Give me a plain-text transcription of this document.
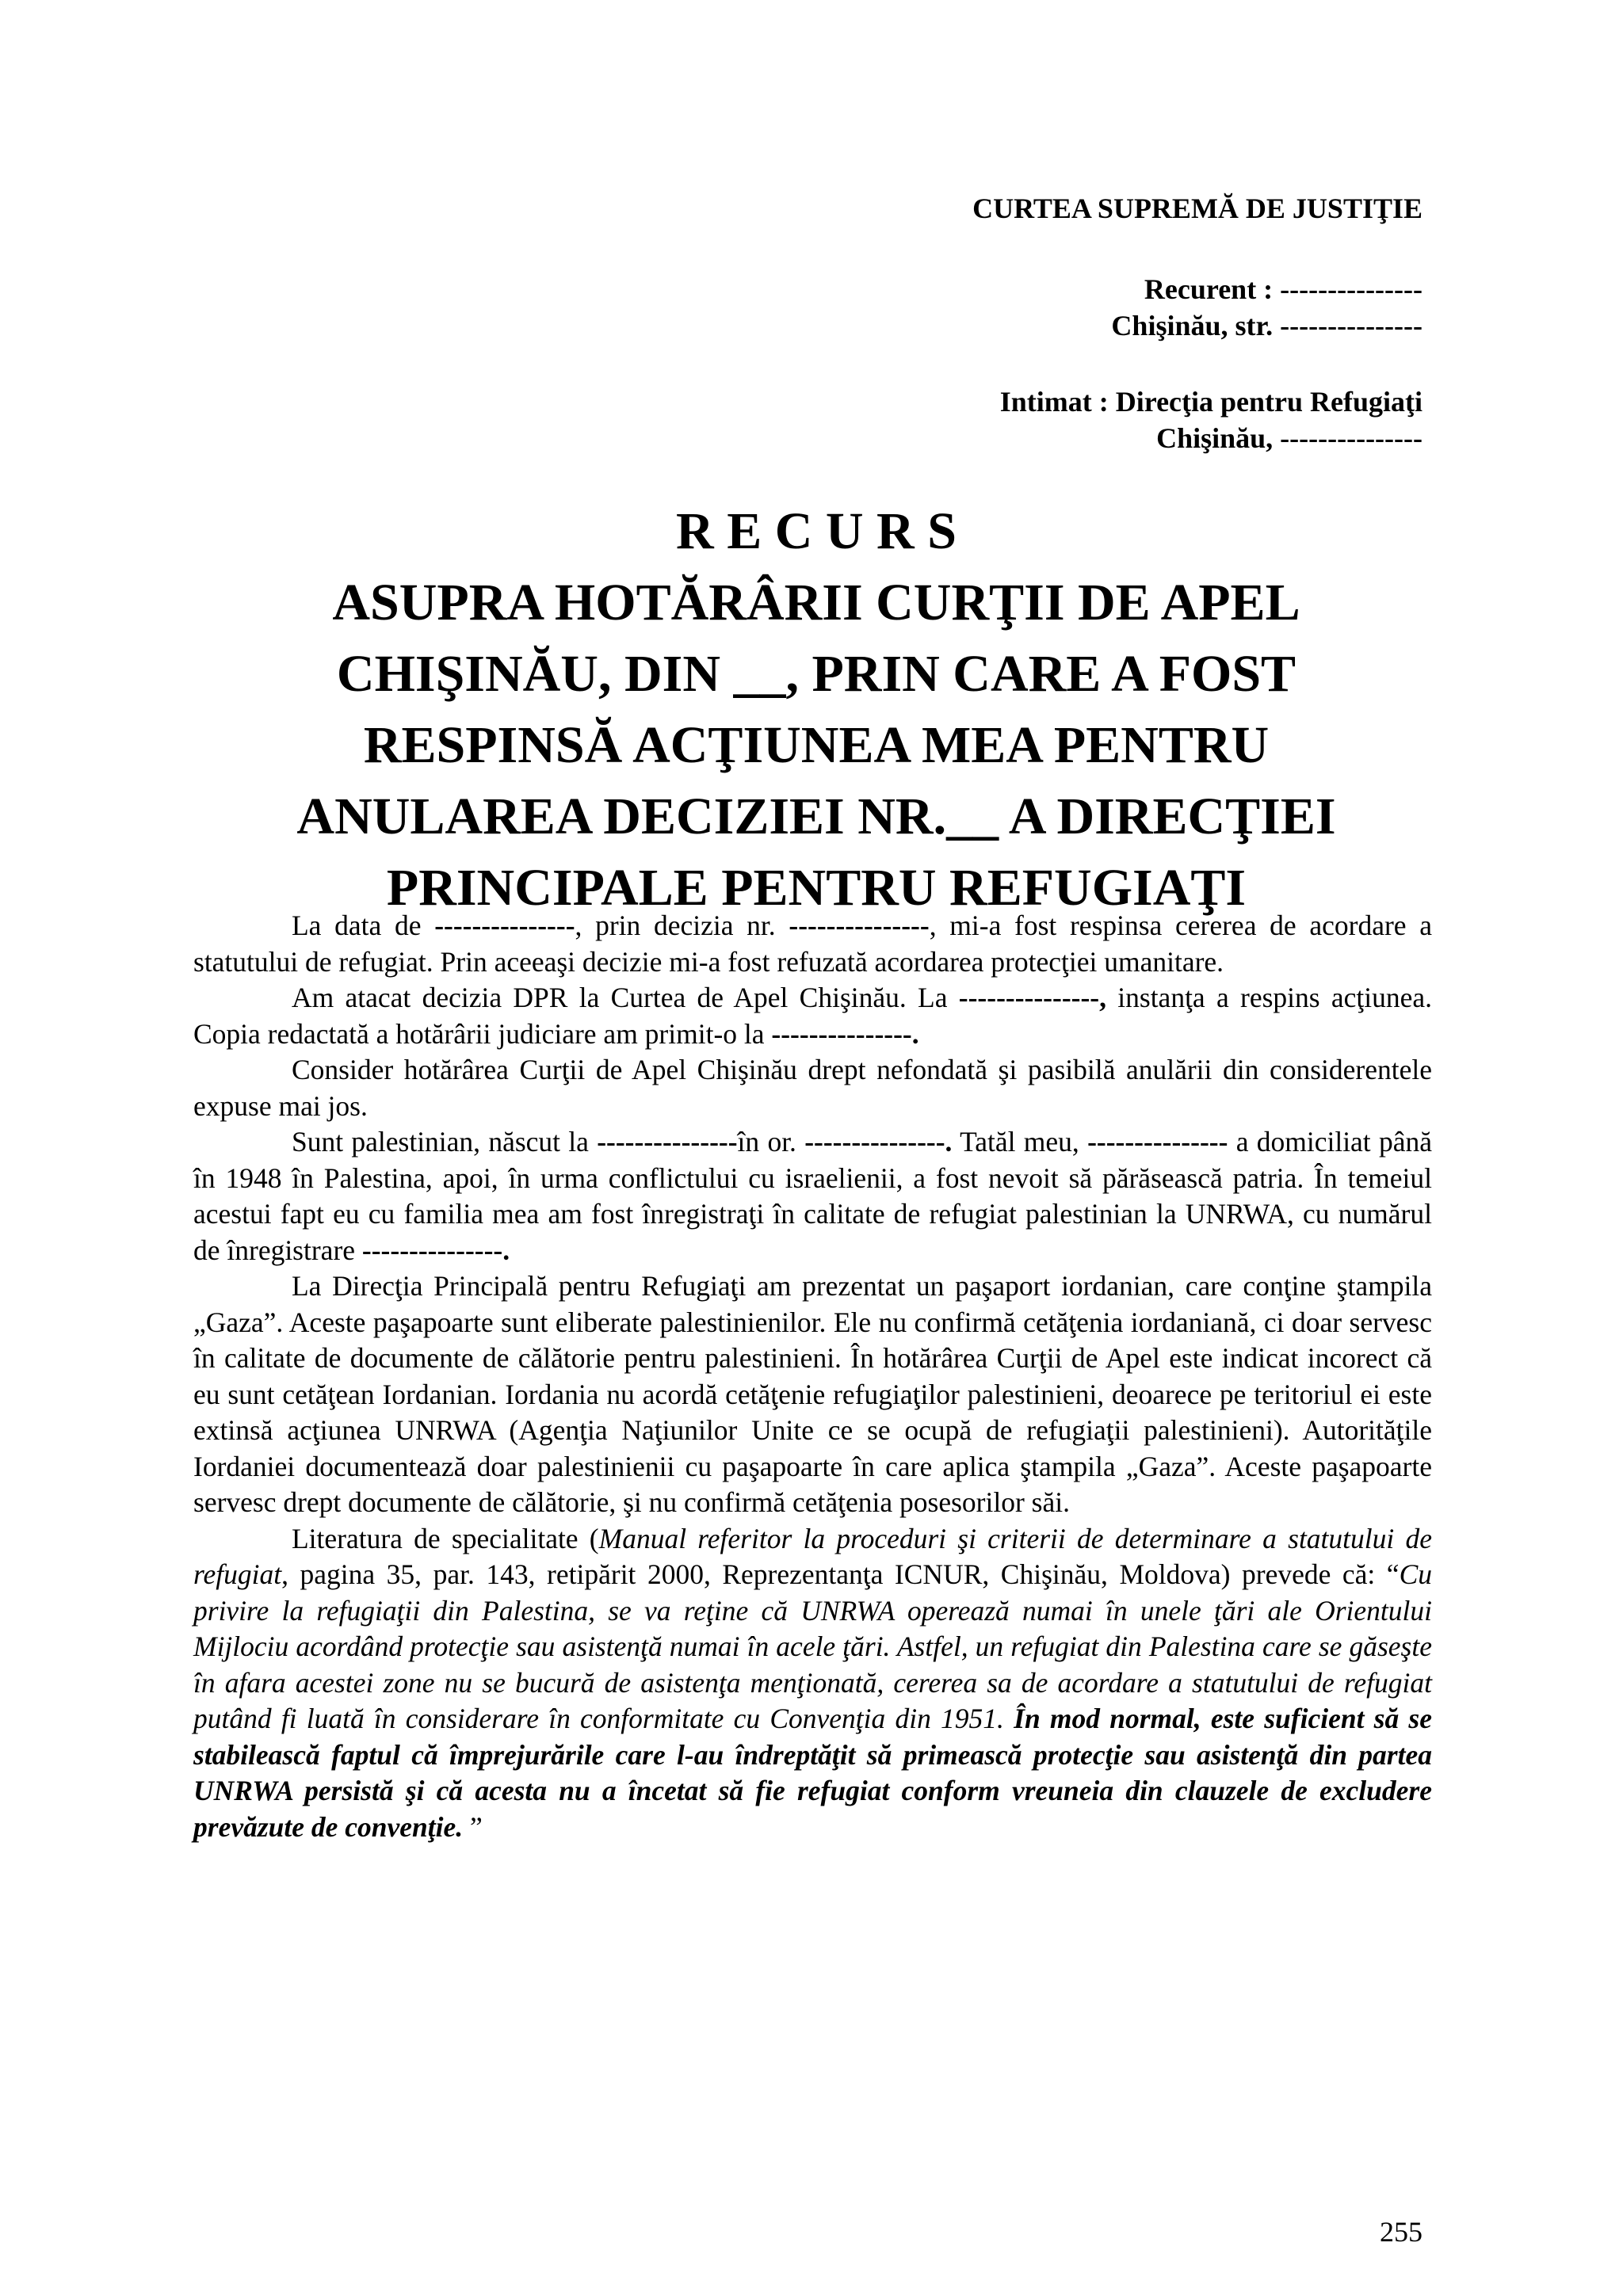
CURTEA SUPREMĂ DE JUSTIŢIE
Recurent : ---------------
Chişinău, str. ---------------
Intimat : Direcţia pentru Refugiaţi
Chişinău, ---------------
R E C U R S
ASUPRA HOTĂRÂRII CURŢII DE APEL
CHIŞINĂU, DIN __, PRIN CARE A FOST
RESPINSĂ ACŢIUNEA MEA PENTRU
ANULAREA DECIZIEI NR.__ A DIRECŢIEI
PRINCIPALE PENTRU REFUGIAŢI

La data de ---------------, prin decizia nr. ---------------, mi-a fost respinsa cererea de acordare a statutului de refugiat. Prin aceeaşi decizie mi-a fost refuzată acordarea protecţiei umanitare.

Am atacat decizia DPR la Curtea de Apel Chişinău. La ---------------, instanţa a respins acţiunea. Copia redactată a hotărârii judiciare am primit-o la ---------------.

Consider hotărârea Curţii de Apel Chişinău drept nefondată şi pasibilă anulării din considerentele expuse mai jos.

Sunt palestinian, născut la ---------------în or. ---------------. Tatăl meu, --------------- a domiciliat până în 1948 în Palestina, apoi, în urma conflictului cu israelienii, a fost nevoit să părăsească patria. În temeiul acestui fapt eu cu familia mea am fost înregistraţi în calitate de refugiat palestinian la UNRWA, cu numărul de înregistrare ---------------.

La Direcţia Principală pentru Refugiaţi am prezentat un paşaport iordanian, care conţine ştampila „Gaza”. Aceste paşapoarte sunt eliberate palestinienilor. Ele nu confirmă cetăţenia iordaniană, ci doar servesc în calitate de documente de călătorie pentru palestinieni. În hotărârea Curţii de Apel este indicat incorect că eu sunt cetăţean Iordanian. Iordania nu acordă cetăţenie refugiaţilor palestinieni, deoarece pe teritoriul ei este extinsă acţiunea UNRWA (Agenţia Naţiunilor Unite ce se ocupă de refugiaţii palestinieni). Autorităţile Iordaniei documentează doar palestinienii cu paşapoarte în care aplica ştampila „Gaza”. Aceste paşapoarte servesc drept documente de călătorie, şi nu confirmă cetăţenia posesorilor săi.

Literatura de specialitate (Manual referitor la proceduri şi criterii de determinare a statutului de refugiat, pagina 35, par. 143, retipărit 2000, Reprezentanţa ICNUR, Chişinău, Moldova) prevede că: “Cu privire la refugiaţii din Palestina, se va reţine că UNRWA operează numai în unele ţări ale Orientului Mijlociu acordând protecţie sau asistenţă numai în acele ţări. Astfel, un refugiat din Palestina care se găseşte în afara acestei zone nu se bucură de asistenţa menţionată, cererea sa de acordare a statutului de refugiat putând fi luată în considerare în conformitate cu Convenţia din 1951. În mod normal, este suficient să se stabilească faptul că împrejurările care l-au îndreptăţit să primească protecţie sau asistenţă din partea UNRWA persistă şi că acesta nu a încetat să fie refugiat conform vreuneia din clauzele de excludere prevăzute de convenţie. ”

255
